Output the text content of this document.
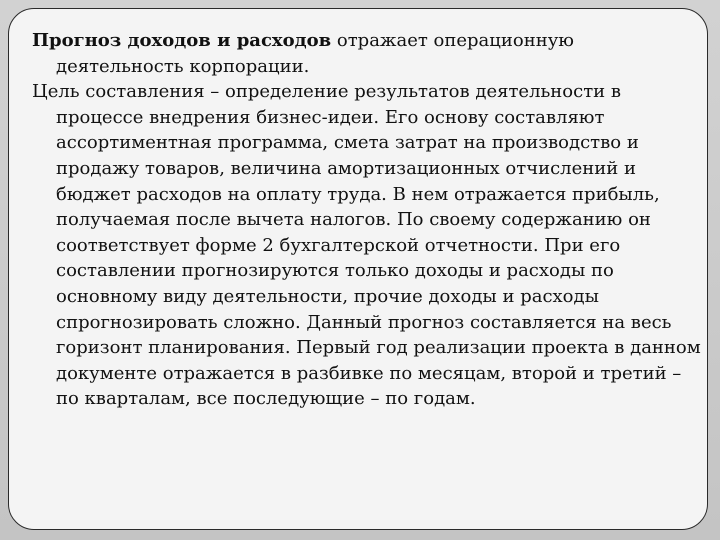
Прогноз доходов и расходов отражает операционную деятельность корпорации.

Цель составления – определение результатов деятельности в процессе внедрения бизнес-идеи. Его основу составляют ассортиментная программа, смета затрат на производство и продажу товаров, величина амортизационных отчислений и бюджет расходов на оплату труда. В нем отражается прибыль, получаемая после вычета налогов. По своему содержанию он соответствует форме 2 бухгалтерской отчетности. При его составлении прогнозируются только доходы и расходы по основному виду деятельности, прочие доходы и расходы спрогнозировать сложно. Данный прогноз составляется на весь горизонт планирования. Первый год реализации проекта в данном документе отражается в разбивке по месяцам, второй и третий – по кварталам, все последующие – по годам.
